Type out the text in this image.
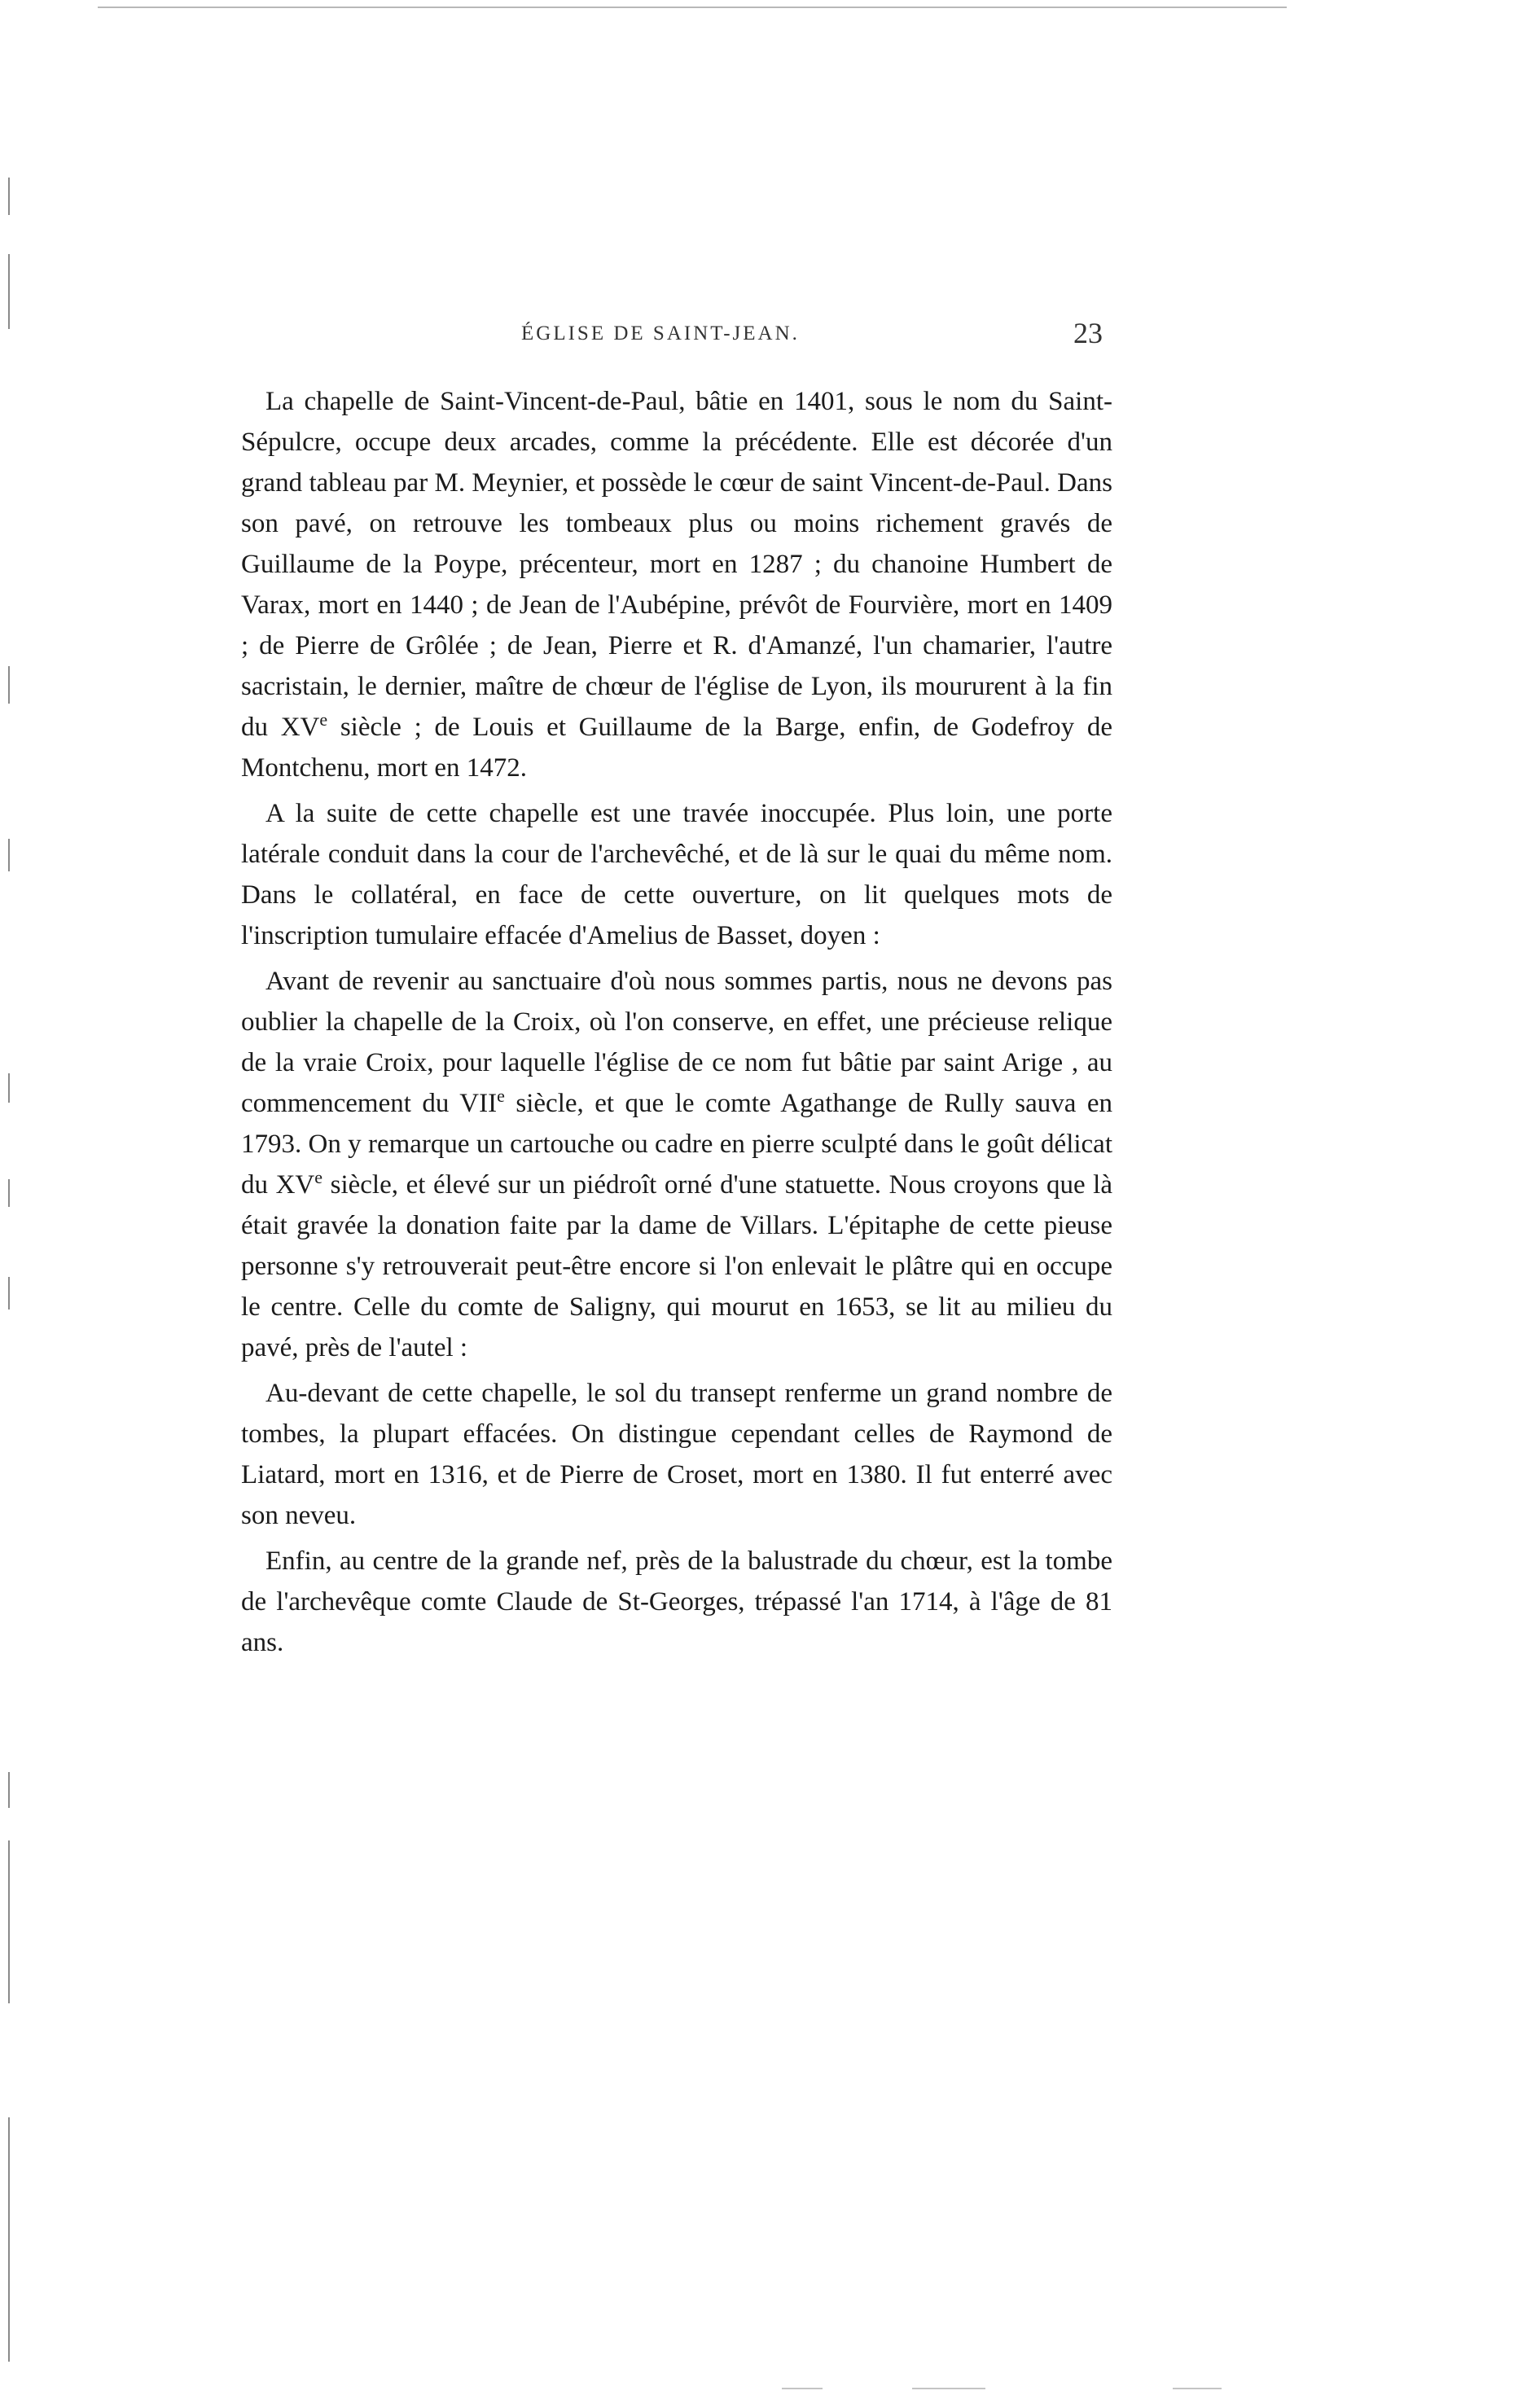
ÉGLISE DE SAINT-JEAN.	23

La chapelle de Saint-Vincent-de-Paul, bâtie en 1401, sous le nom du Saint-Sépulcre, occupe deux arcades, comme la précédente. Elle est décorée d'un grand tableau par M. Meynier, et possède le cœur de saint Vincent-de-Paul. Dans son pavé, on retrouve les tombeaux plus ou moins richement gravés de Guillaume de la Poype, précenteur, mort en 1287 ; du chanoine Humbert de Varax, mort en 1440 ; de Jean de l'Aubépine, prévôt de Fourvière, mort en 1409 ; de Pierre de Grôlée ; de Jean, Pierre et R. d'Amanzé, l'un chamarier, l'autre sacristain, le dernier, maître de chœur de l'église de Lyon, ils moururent à la fin du XVe siècle ; de Louis et Guillaume de la Barge, enfin, de Godefroy de Montchenu, mort en 1472.

A la suite de cette chapelle est une travée inoccupée. Plus loin, une porte latérale conduit dans la cour de l'archevêché, et de là sur le quai du même nom. Dans le collatéral, en face de cette ouverture, on lit quelques mots de l'inscription tumulaire effacée d'Amelius de Basset, doyen :

Avant de revenir au sanctuaire d'où nous sommes partis, nous ne devons pas oublier la chapelle de la Croix, où l'on conserve, en effet, une précieuse relique de la vraie Croix, pour laquelle l'église de ce nom fut bâtie par saint Arige , au commencement du VIIe siècle, et que le comte Agathange de Rully sauva en 1793. On y remarque un cartouche ou cadre en pierre sculpté dans le goût délicat du XVe siècle, et élevé sur un piédroît orné d'une statuette. Nous croyons que là était gravée la donation faite par la dame de Villars. L'épitaphe de cette pieuse personne s'y retrouverait peut-être encore si l'on enlevait le plâtre qui en occupe le centre. Celle du comte de Saligny, qui mourut en 1653, se lit au milieu du pavé, près de l'autel :

Au-devant de cette chapelle, le sol du transept renferme un grand nombre de tombes, la plupart effacées. On distingue cependant celles de Raymond de Liatard, mort en 1316, et de Pierre de Croset, mort en 1380. Il fut enterré avec son neveu.

Enfin, au centre de la grande nef, près de la balustrade du chœur, est la tombe de l'archevêque comte Claude de St-Georges, trépassé l'an 1714, à l'âge de 81 ans.
